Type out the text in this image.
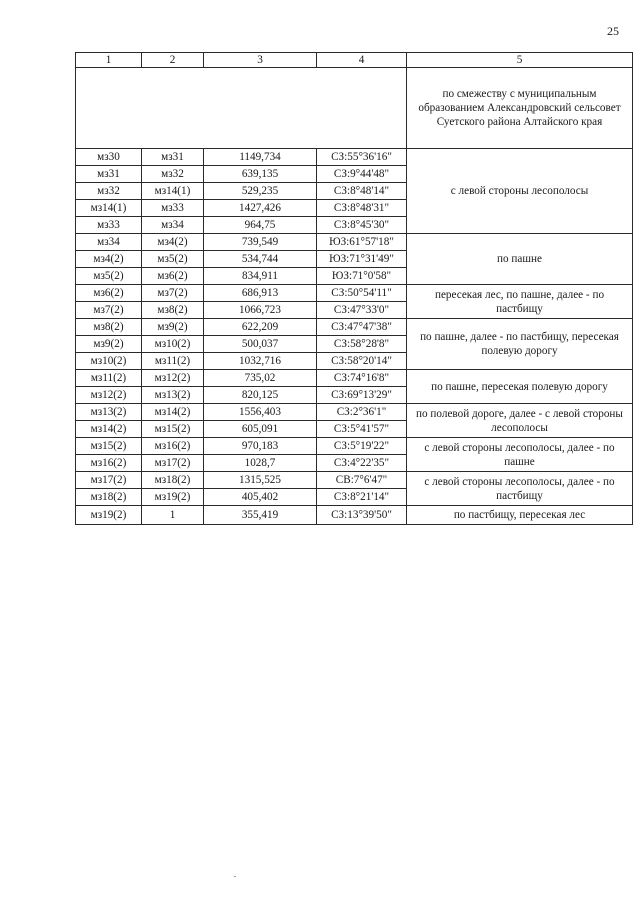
25
1	2	3	4	5
				по смежеству с муниципальным образованием Александровский сельсовет Суетского района Алтайского края
мз30	мз31	1149,734	СЗ:55°36'16"	с левой стороны лесополосы
мз31	мз32	639,135	СЗ:9°44'48"	
мз32	мз14(1)	529,235	СЗ:8°48'14"	
мз14(1)	мз33	1427,426	СЗ:8°48'31"	
мз33	мз34	964,75	СЗ:8°45'30"	
мз34	мз4(2)	739,549	ЮЗ:61°57'18"	по пашне
мз4(2)	мз5(2)	534,744	ЮЗ:71°31'49"	
мз5(2)	мз6(2)	834,911	ЮЗ:71°0'58"	
мз6(2)	мз7(2)	686,913	СЗ:50°54'11"	пересекая лес, по пашне, далее - по пастбищу
мз7(2)	мз8(2)	1066,723	СЗ:47°33'0"	
мз8(2)	мз9(2)	622,209	СЗ:47°47'38"	по пашне, далее - по пастбищу, пересекая полевую дорогу
мз9(2)	мз10(2)	500,037	СЗ:58°28'8"	
мз10(2)	мз11(2)	1032,716	СЗ:58°20'14"	
мз11(2)	мз12(2)	735,02	СЗ:74°16'8"	по пашне, пересекая полевую дорогу
мз12(2)	мз13(2)	820,125	СЗ:69°13'29"	
мз13(2)	мз14(2)	1556,403	СЗ:2°36'1"	по полевой дороге, далее - с левой стороны лесополосы
мз14(2)	мз15(2)	605,091	СЗ:5°41'57"	
мз15(2)	мз16(2)	970,183	СЗ:5°19'22"	с левой стороны лесополосы, далее - по пашне
мз16(2)	мз17(2)	1028,7	СЗ:4°22'35"	
мз17(2)	мз18(2)	1315,525	СВ:7°6'47"	с левой стороны лесополосы, далее - по пастбищу
мз18(2)	мз19(2)	405,402	СЗ:8°21'14"	
мз19(2)	1	355,419	СЗ:13°39'50"	по пастбищу, пересекая лес
